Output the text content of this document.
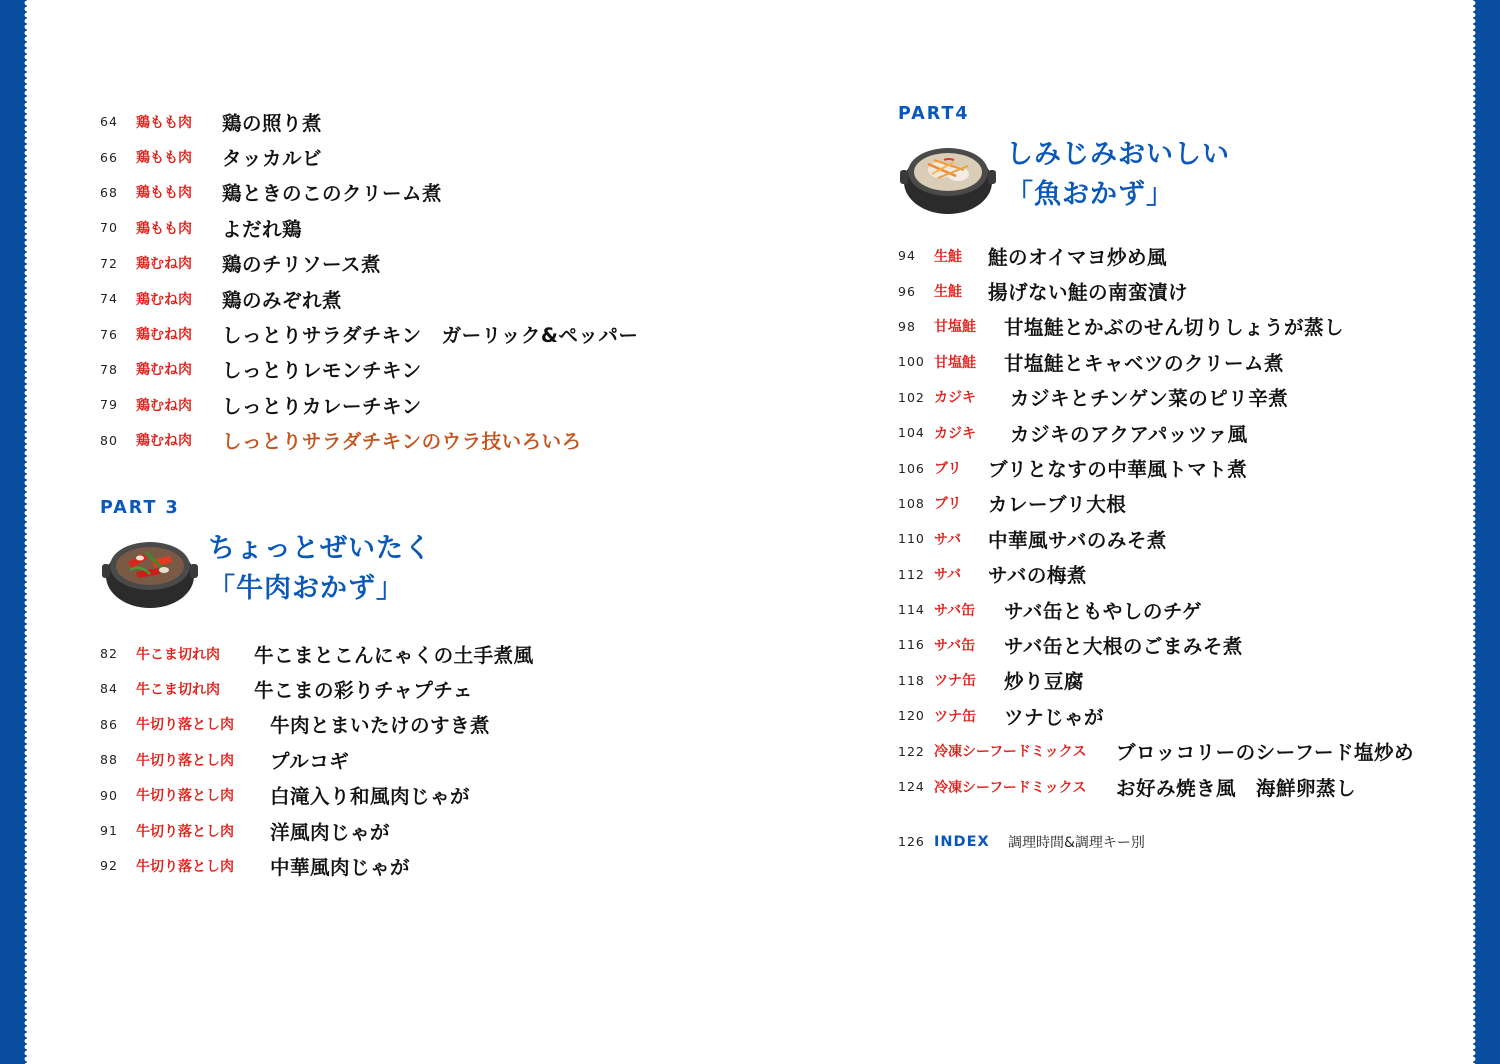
64	鶏もも肉	鶏の照り煮
66	鶏もも肉	タッカルビ
68	鶏もも肉	鶏ときのこのクリーム煮
70	鶏もも肉	よだれ鶏
72	鶏むね肉	鶏のチリソース煮
74	鶏むね肉	鶏のみぞれ煮
76	鶏むね肉	しっとりサラダチキン　ガーリック&ペッパー
78	鶏むね肉	しっとりレモンチキン
79	鶏むね肉	しっとりカレーチキン
80	鶏むね肉	しっとりサラダチキンのウラ技いろいろ
PART 3
ちょっとぜいたく
「牛肉おかず」
82	牛こま切れ肉	牛こまとこんにゃくの土手煮風
84	牛こま切れ肉	牛こまの彩りチャプチェ
86	牛切り落とし肉	牛肉とまいたけのすき煮
88	牛切り落とし肉	プルコギ
90	牛切り落とし肉	白滝入り和風肉じゃが
91	牛切り落とし肉	洋風肉じゃが
92	牛切り落とし肉	中華風肉じゃが
PART4
しみじみおいしい
「魚おかず」
94	生鮭	鮭のオイマヨ炒め風
96	生鮭	揚げない鮭の南蛮漬け
98	甘塩鮭	甘塩鮭とかぶのせん切りしょうが蒸し
100 甘塩鮭	甘塩鮭とキャベツのクリーム煮
102 カジキ	カジキとチンゲン菜のピリ辛煮
104 カジキ	カジキのアクアパッツァ風
106 ブリ	ブリとなすの中華風トマト煮
108 ブリ	カレーブリ大根
110 サバ	中華風サバのみそ煮
112 サバ	サバの梅煮
114 サバ缶	サバ缶ともやしのチゲ
116 サバ缶	サバ缶と大根のごまみそ煮
118 ツナ缶	炒り豆腐
120 ツナ缶	ツナじゃが
122 冷凍シーフードミックス	ブロッコリーのシーフード塩炒め
124 冷凍シーフードミックス	お好み焼き風　海鮮卵蒸し
126 INDEX	調理時間&調理キー別
